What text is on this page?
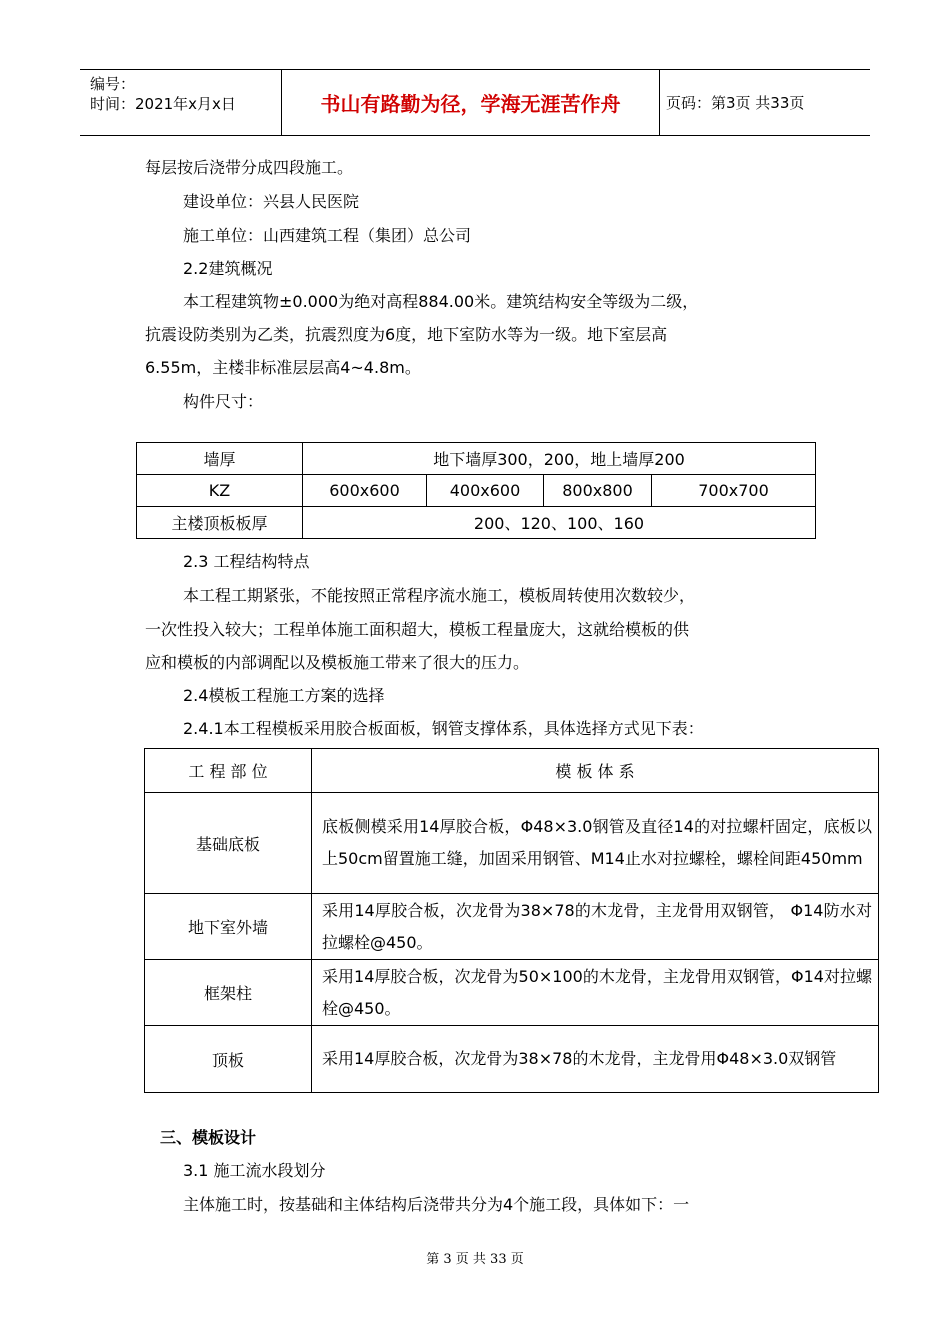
编号：
时间：2021年x月x日	书山有路勤为径，学海无涯苦作舟	页码：第3页 共33页
每层按后浇带分成四段施工。
建设单位：兴县人民医院
施工单位：山西建筑工程（集团）总公司
2.2建筑概况
本工程建筑物±0.000为绝对高程884.00米。建筑结构安全等级为二级，
抗震设防类别为乙类，抗震烈度为6度，地下室防水等为一级。地下室层高
6.55m，主楼非标准层层高4~4.8m。
构件尺寸：
墙厚	地下墙厚300，200，地上墙厚200			
KZ	600x600	400x600	800x800	700x700
主楼顶板板厚	200、120、100、160			
2.3 工程结构特点
本工程工期紧张，不能按照正常程序流水施工，模板周转使用次数较少，
一次性投入较大；工程单体施工面积超大，模板工程量庞大，这就给模板的供
应和模板的内部调配以及模板施工带来了很大的压力。
2.4模板工程施工方案的选择
2.4.1本工程模板采用胶合板面板，钢管支撑体系，具体选择方式见下表：
工 程 部 位	模 板 体 系
基础底板	底板侧模采用14厚胶合板，Φ48×3.0钢管及直径14的对拉螺杆固定，底板以上50cm留置施工缝，加固采用钢管、M14止水对拉螺栓，螺栓间距450mm
地下室外墙	采用14厚胶合板，次龙骨为38×78的木龙骨，主龙骨用双钢管， Φ14防水对拉螺栓@450。
框架柱	采用14厚胶合板，次龙骨为50×100的木龙骨，主龙骨用双钢管，Φ14对拉螺栓@450。
顶板	采用14厚胶合板，次龙骨为38×78的木龙骨，主龙骨用Φ48×3.0双钢管
三、模板设计
3.1 施工流水段划分
主体施工时，按基础和主体结构后浇带共分为4个施工段，具体如下：一
第 3 页 共 33 页
